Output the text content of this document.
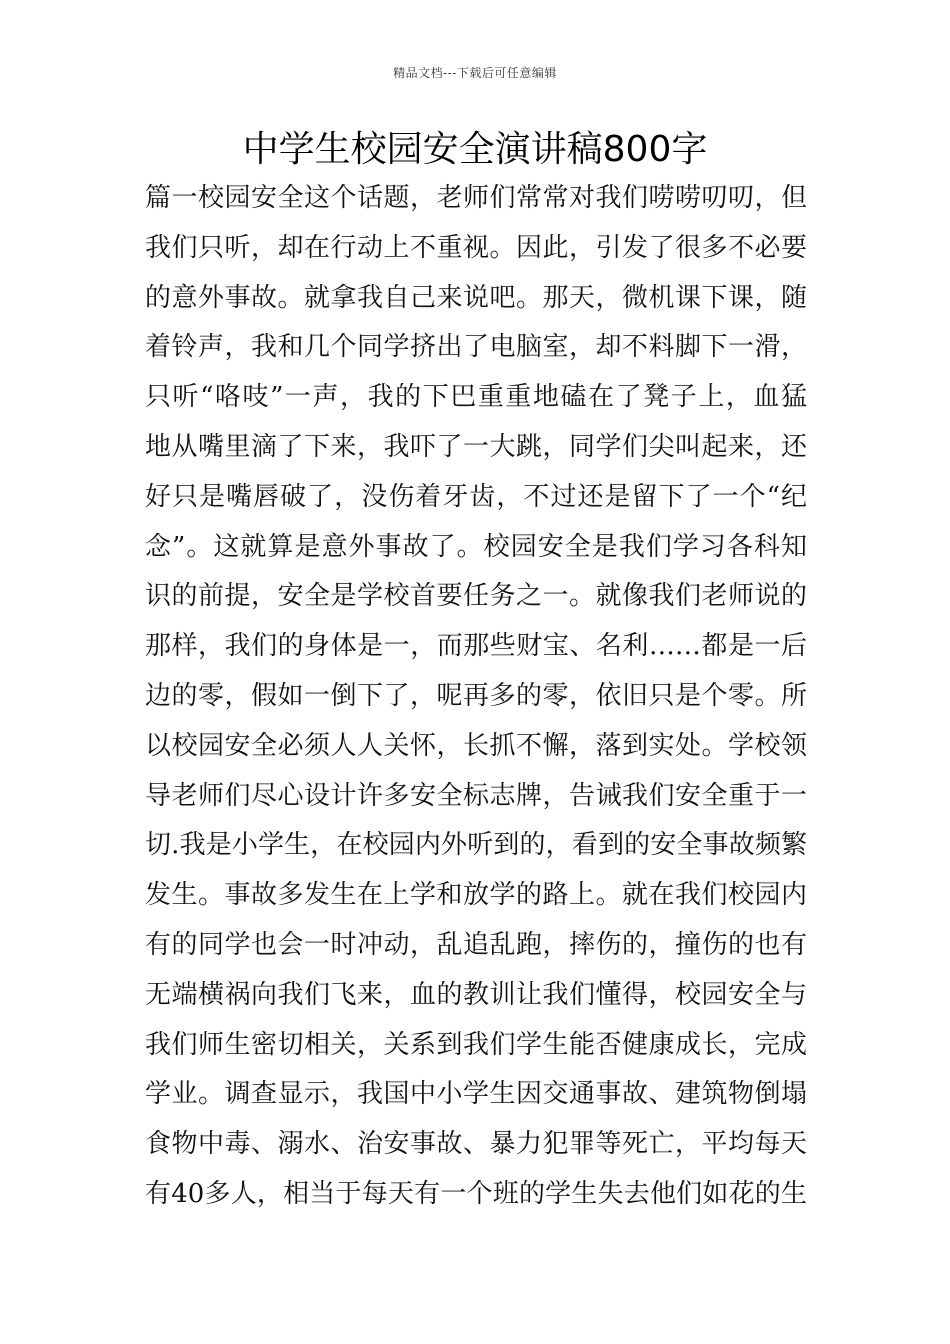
精品文档---下载后可任意编辑
中学生校园安全演讲稿800字
篇一校园安全这个话题，老师们常常对我们唠唠叨叨，但
我们只听，却在行动上不重视。因此，引发了很多不必要
的意外事故。就拿我自己来说吧。那天，微机课下课，随
着铃声，我和几个同学挤出了电脑室，却不料脚下一滑，
只听“咯吱”一声，我的下巴重重地磕在了凳子上，血猛
地从嘴里滴了下来，我吓了一大跳，同学们尖叫起来，还
好只是嘴唇破了，没伤着牙齿，不过还是留下了一个“纪
念”。这就算是意外事故了。校园安全是我们学习各科知
识的前提，安全是学校首要任务之一。就像我们老师说的
那样，我们的身体是一，而那些财宝、名利……都是一后
边的零，假如一倒下了，呢再多的零，依旧只是个零。所
以校园安全必须人人关怀，长抓不懈，落到实处。学校领
导老师们尽心设计许多安全标志牌，告诫我们安全重于一
切.我是小学生，在校园内外听到的，看到的安全事故频繁
发生。事故多发生在上学和放学的路上。就在我们校园内
有的同学也会一时冲动，乱追乱跑，摔伤的，撞伤的也有
无端横祸向我们飞来，血的教训让我们懂得，校园安全与
我们师生密切相关，关系到我们学生能否健康成长，完成
学业。调查显示，我国中小学生因交通事故、建筑物倒塌
食物中毒、溺水、治安事故、暴力犯罪等死亡，平均每天
有40多人，相当于每天有一个班的学生失去他们如花的生
